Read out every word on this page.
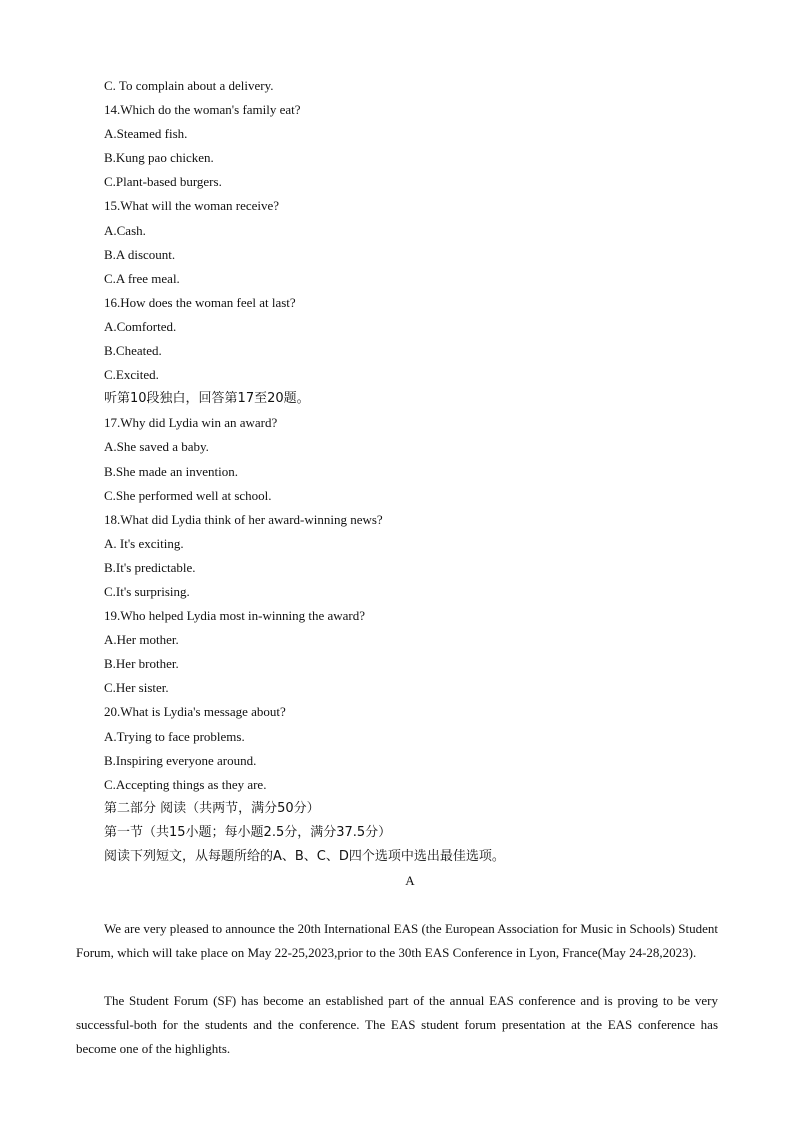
C. To complain about a delivery.
14.Which do the woman's family eat?
A.Steamed fish.
B.Kung pao chicken.
C.Plant-based burgers.
15.What will the woman receive?
A.Cash.
B.A discount.
C.A free meal.
16.How does the woman feel at last?
A.Comforted.
B.Cheated.
C.Excited.
听第10段独白，回答第17至20题。
17.Why did Lydia win an award?
A.She saved a baby.
B.She made an invention.
C.She performed well at school.
18.What did Lydia think of her award-winning news?
A. It's exciting.
B.It's predictable.
C.It's surprising.
19.Who helped Lydia most in-winning the award?
A.Her mother.
B.Her brother.
C.Her sister.
20.What is Lydia's message about?
A.Trying to face problems.
B.Inspiring everyone around.
C.Accepting things as they are.
第二部分 阅读（共两节，满分50分）
第一节（共15小题；每小题2.5分，满分37.5分）
阅读下列短文，从每题所给的A、B、C、D四个选项中选出最佳选项。
A

We are very pleased to announce the 20th International EAS (the European Association for Music in Schools) Student Forum, which will take place on May 22-25,2023,prior to the 30th EAS Conference in Lyon, France(May 24-28,2023).

The Student Forum (SF) has become an established part of the annual EAS conference and is proving to be very successful-both for the students and the conference. The EAS student forum presentation at the EAS conference has become one of the highlights.
